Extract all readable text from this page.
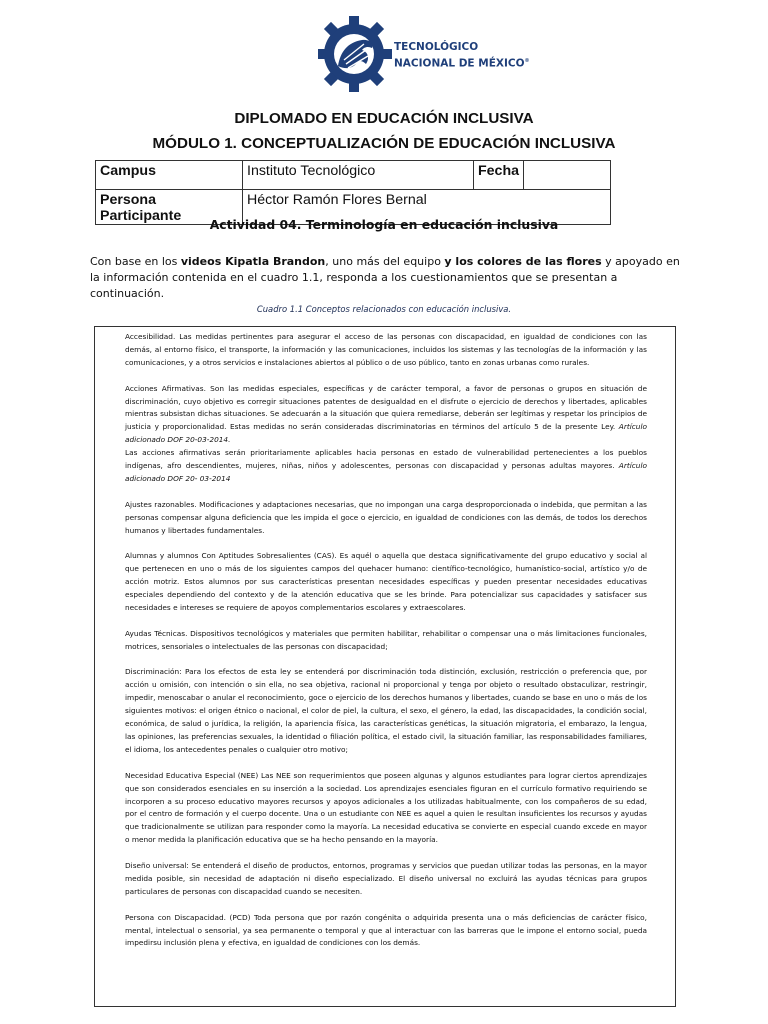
TECNOLÓGICO
NACIONAL DE MÉXICO®
DIPLOMADO EN EDUCACIÓN INCLUSIVA
MÓDULO 1. CONCEPTUALIZACIÓN DE EDUCACIÓN INCLUSIVA
Campus	Instituto Tecnológico	Fecha	
Persona Participante	Héctor Ramón Flores Bernal		
Actividad 04. Terminología en educación inclusiva
Con base en los videos Kipatla Brandon, uno más del equipo y los colores de las flores y apoyado en la información contenida en el cuadro 1.1, responda a los cuestionamientos que se presentan a continuación.
Cuadro 1.1 Conceptos relacionados con educación inclusiva.

Accesibilidad. Las medidas pertinentes para asegurar el acceso de las personas con discapacidad, en igualdad de condiciones con las demás, al entorno físico, el transporte, la información y las comunicaciones, incluidos los sistemas y las tecnologías de la información y las comunicaciones, y a otros servicios e instalaciones abiertos al público o de uso público, tanto en zonas urbanas como rurales.

Acciones Afirmativas. Son las medidas especiales, específicas y de carácter temporal, a favor de personas o grupos en situación de discriminación, cuyo objetivo es corregir situaciones patentes de desigualdad en el disfrute o ejercicio de derechos y libertades, aplicables mientras subsistan dichas situaciones. Se adecuarán a la situación que quiera remediarse, deberán ser legítimas y respetar los principios de justicia y proporcionalidad. Estas medidas no serán consideradas discriminatorias en términos del artículo 5 de la presente Ley. Artículo adicionado DOF 20-03-2014.

Las acciones afirmativas serán prioritariamente aplicables hacia personas en estado de vulnerabilidad pertenecientes a los pueblos indígenas, afro descendientes, mujeres, niñas, niños y adolescentes, personas con discapacidad y personas adultas mayores. Artículo adicionado DOF 20- 03-2014

Ajustes razonables. Modificaciones y adaptaciones necesarias, que no impongan una carga desproporcionada o indebida, que permitan a las personas compensar alguna deficiencia que les impida el goce o ejercicio, en igualdad de condiciones con las demás, de todos los derechos humanos y libertades fundamentales.

Alumnas y alumnos Con Aptitudes Sobresalientes (CAS). Es aquél o aquella que destaca significativamente del grupo educativo y social al que pertenecen en uno o más de los siguientes campos del quehacer humano: científico-tecnológico, humanístico-social, artístico y/o de acción motriz. Estos alumnos por sus características presentan necesidades específicas y pueden presentar necesidades educativas especiales dependiendo del contexto y de la atención educativa que se les brinde. Para potencializar sus capacidades y satisfacer sus necesidades e intereses se requiere de apoyos complementarios escolares y extraescolares.

Ayudas Técnicas. Dispositivos tecnológicos y materiales que permiten habilitar, rehabilitar o compensar una o más limitaciones funcionales, motrices, sensoriales o intelectuales de las personas con discapacidad;

Discriminación: Para los efectos de esta ley se entenderá por discriminación toda distinción, exclusión, restricción o preferencia que, por acción u omisión, con intención o sin ella, no sea objetiva, racional ni proporcional y tenga por objeto o resultado obstaculizar, restringir, impedir, menoscabar o anular el reconocimiento, goce o ejercicio de los derechos humanos y libertades, cuando se base en uno o más de los siguientes motivos: el origen étnico o nacional, el color de piel, la cultura, el sexo, el género, la edad, las discapacidades, la condición social, económica, de salud o jurídica, la religión, la apariencia física, las características genéticas, la situación migratoria, el embarazo, la lengua, las opiniones, las preferencias sexuales, la identidad o filiación política, el estado civil, la situación familiar, las responsabilidades familiares, el idioma, los antecedentes penales o cualquier otro motivo;

Necesidad Educativa Especial (NEE) Las NEE son requerimientos que poseen algunas y algunos estudiantes para lograr ciertos aprendizajes que son considerados esenciales en su inserción a la sociedad. Los aprendizajes esenciales figuran en el currículo formativo requiriendo se incorporen a su proceso educativo mayores recursos y apoyos adicionales a los utilizadas habitualmente, con los compañeros de su edad, por el centro de formación y el cuerpo docente. Una o un estudiante con NEE es aquel a quien le resultan insuficientes los recursos y ayudas que tradicionalmente se utilizan para responder como la mayoría. La necesidad educativa se convierte en especial cuando excede en mayor o menor medida la planificación educativa que se ha hecho pensando en la mayoría.

Diseño universal: Se entenderá el diseño de productos, entornos, programas y servicios que puedan utilizar todas las personas, en la mayor medida posible, sin necesidad de adaptación ni diseño especializado. El diseño universal no excluirá las ayudas técnicas para grupos particulares de personas con discapacidad cuando se necesiten.

Persona con Discapacidad. (PCD) Toda persona que por razón congénita o adquirida presenta una o más deficiencias de carácter físico, mental, intelectual o sensorial, ya sea permanente o temporal y que al interactuar con las barreras que le impone el entorno social, pueda impedirsu inclusión plena y efectiva, en igualdad de condiciones con los demás.
